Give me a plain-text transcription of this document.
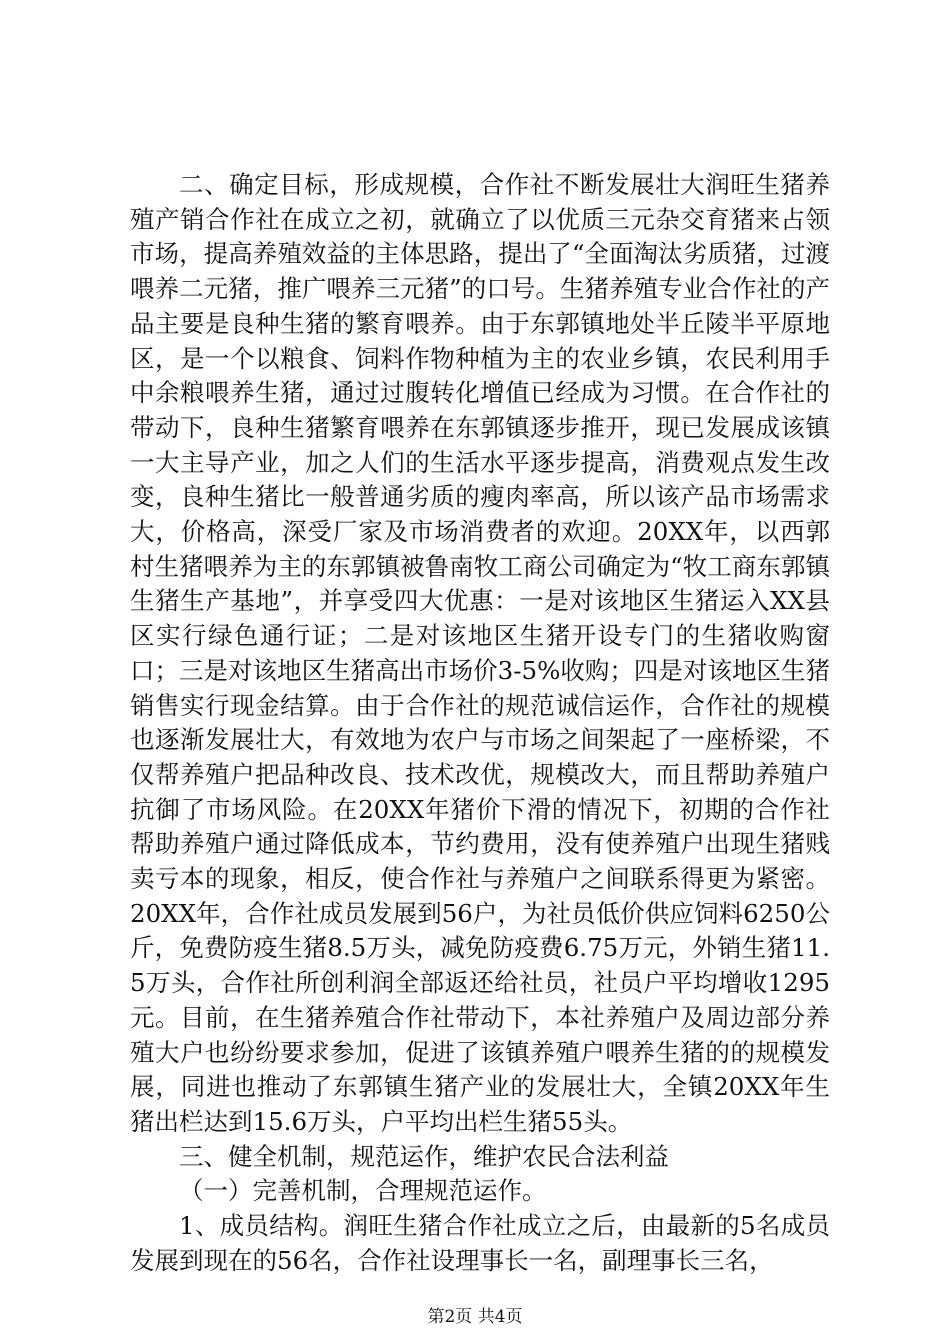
二、确定目标，形成规模，合作社不断发展壮大润旺生猪养殖产销合作社在成立之初，就确立了以优质三元杂交育猪来占领市场，提高养殖效益的主体思路，提出了“全面淘汰劣质猪，过渡喂养二元猪，推广喂养三元猪”的口号。生猪养殖专业合作社的产品主要是良种生猪的繁育喂养。由于东郭镇地处半丘陵半平原地区，是一个以粮食、饲料作物种植为主的农业乡镇，农民利用手中余粮喂养生猪，通过过腹转化增值已经成为习惯。在合作社的带动下，良种生猪繁育喂养在东郭镇逐步推开，现已发展成该镇一大主导产业，加之人们的生活水平逐步提高，消费观点发生改变，良种生猪比一般普通劣质的瘦肉率高，所以该产品市场需求大，价格高，深受厂家及市场消费者的欢迎。20XX年，以西郭村生猪喂养为主的东郭镇被鲁南牧工商公司确定为“牧工商东郭镇生猪生产基地”，并享受四大优惠：一是对该地区生猪运入XX县区实行绿色通行证；二是对该地区生猪开设专门的生猪收购窗口；三是对该地区生猪高出市场价3-5%收购；四是对该地区生猪销售实行现金结算。由于合作社的规范诚信运作，合作社的规模也逐渐发展壮大，有效地为农户与市场之间架起了一座桥梁，不仅帮养殖户把品种改良、技术改优，规模改大，而且帮助养殖户抗御了市场风险。在20XX年猪价下滑的情况下，初期的合作社帮助养殖户通过降低成本，节约费用，没有使养殖户出现生猪贱卖亏本的现象，相反，使合作社与养殖户之间联系得更为紧密。20XX年，合作社成员发展到56户，为社员低价供应饲料6250公斤，免费防疫生猪8.5万头，减免防疫费6.75万元，外销生猪11.5万头，合作社所创利润全部返还给社员，社员户平均增收1295元。目前，在生猪养殖合作社带动下，本社养殖户及周边部分养殖大户也纷纷要求参加，促进了该镇养殖户喂养生猪的的规模发展，同进也推动了东郭镇生猪产业的发展壮大，全镇20XX年生猪出栏达到15.6万头，户平均出栏生猪55头。

三、健全机制，规范运作，维护农民合法利益

（一）完善机制，合理规范运作。

1、成员结构。润旺生猪合作社成立之后，由最新的5名成员发展到现在的56名，合作社设理事长一名，副理事长三名，

第2页 共4页
